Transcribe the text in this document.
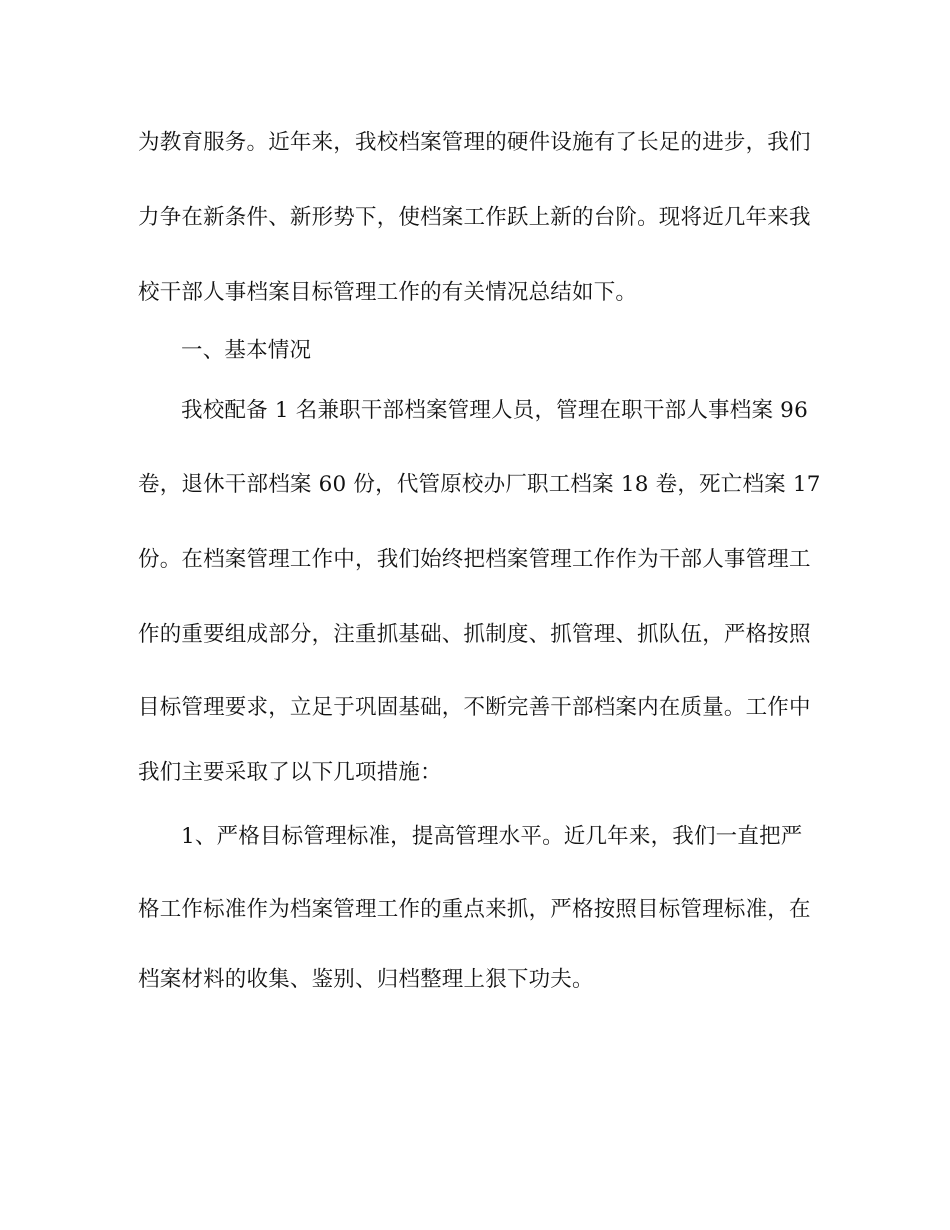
为教育服务。近年来，我校档案管理的硬件设施有了长足的进步，我们
力争在新条件、新形势下，使档案工作跃上新的台阶。现将近几年来我
校干部人事档案目标管理工作的有关情况总结如下。
一、基本情况
我校配备 1 名兼职干部档案管理人员，管理在职干部人事档案 96
卷，退休干部档案 60 份，代管原校办厂职工档案 18 卷，死亡档案 17
份。在档案管理工作中，我们始终把档案管理工作作为干部人事管理工
作的重要组成部分，注重抓基础、抓制度、抓管理、抓队伍，严格按照
目标管理要求，立足于巩固基础，不断完善干部档案内在质量。工作中
我们主要采取了以下几项措施：
1、严格目标管理标准，提高管理水平。近几年来，我们一直把严
格工作标准作为档案管理工作的重点来抓，严格按照目标管理标准，在
档案材料的收集、鉴别、归档整理上狠下功夫。
